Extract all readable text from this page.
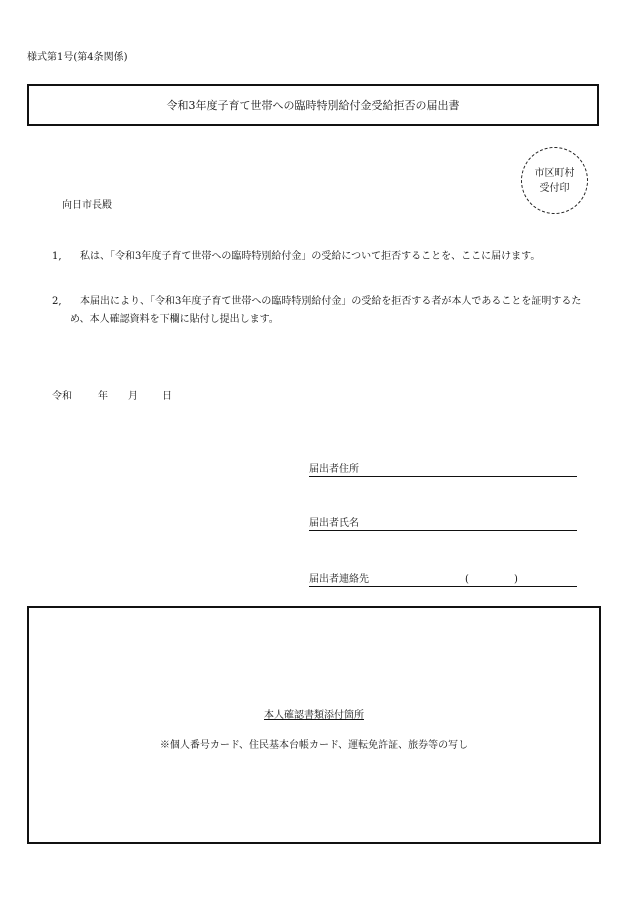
様式第1号(第4条関係)
令和3年度子育て世帯への臨時特別給付金受給拒否の届出書
市区町村
受付印
向日市長殿
1,	私は、「令和3年度子育て世帯への臨時特別給付金」の受給について拒否することを、ここに届けます。
2,	本届出により、「令和3年度子育て世帯への臨時特別給付金」の受給を拒否する者が本人であることを証明するため、本人確認資料を下欄に貼付し提出します。
令和	年 月 日
届出者住所
届出者氏名
届出者連絡先	(	)
本人確認書類添付箇所
※個人番号カード、住民基本台帳カード、運転免許証、旅券等の写し
